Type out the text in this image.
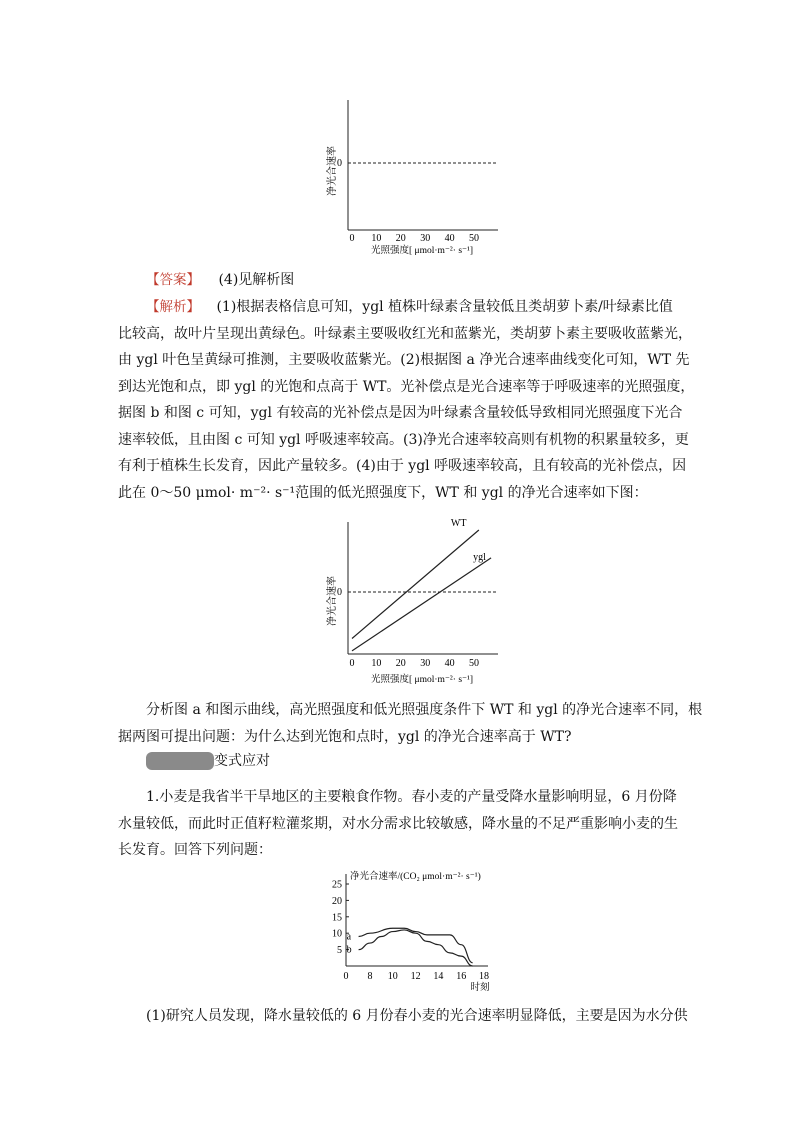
0
净光合速率
0 10 20 30 40 50
光照强度[ μmol·m⁻²· s⁻¹]
【答案】 (4)见解析图
【解析】 (1)根据表格信息可知，ygl 植株叶绿素含量较低且类胡萝卜素/叶绿素比值
比较高，故叶片呈现出黄绿色。叶绿素主要吸收红光和蓝紫光，类胡萝卜素主要吸收蓝紫光，
由 ygl 叶色呈黄绿可推测，主要吸收蓝紫光。(2)根据图 a 净光合速率曲线变化可知，WT 先
到达光饱和点，即 ygl 的光饱和点高于 WT。光补偿点是光合速率等于呼吸速率的光照强度，
据图 b 和图 c 可知，ygl 有较高的光补偿点是因为叶绿素含量较低导致相同光照强度下光合
速率较低，且由图 c 可知 ygl 呼吸速率较高。(3)净光合速率较高则有机物的积累量较多，更
有利于植株生长发育，因此产量较多。(4)由于 ygl 呼吸速率较高，且有较高的光补偿点，因
此在 0～50 μmol· m⁻²· s⁻¹范围的低光照强度下，WT 和 ygl 的净光合速率如下图：
0
净光合速率
WT
ygl
0 10 20 30 40 50
光照强度[ μmol·m⁻²· s⁻¹]
分析图 a 和图示曲线，高光照强度和低光照强度条件下 WT 和 ygl 的净光合速率不同，根
据两图可提出问题：为什么达到光饱和点时，ygl 的净光合速率高于 WT?
变式应对
1.小麦是我省半干旱地区的主要粮食作物。春小麦的产量受降水量影响明显，6 月份降
水量较低，而此时正值籽粒灌浆期，对水分需求比较敏感，降水量的不足严重影响小麦的生
长发育。回答下列问题：
净光合速率/(CO₂ μmol·m⁻²· s⁻¹)
5
10
15
20
25
0 8 10 12 14 16 18
a
b
时刻
(1)研究人员发现，降水量较低的 6 月份春小麦的光合速率明显降低，主要是因为水分供
